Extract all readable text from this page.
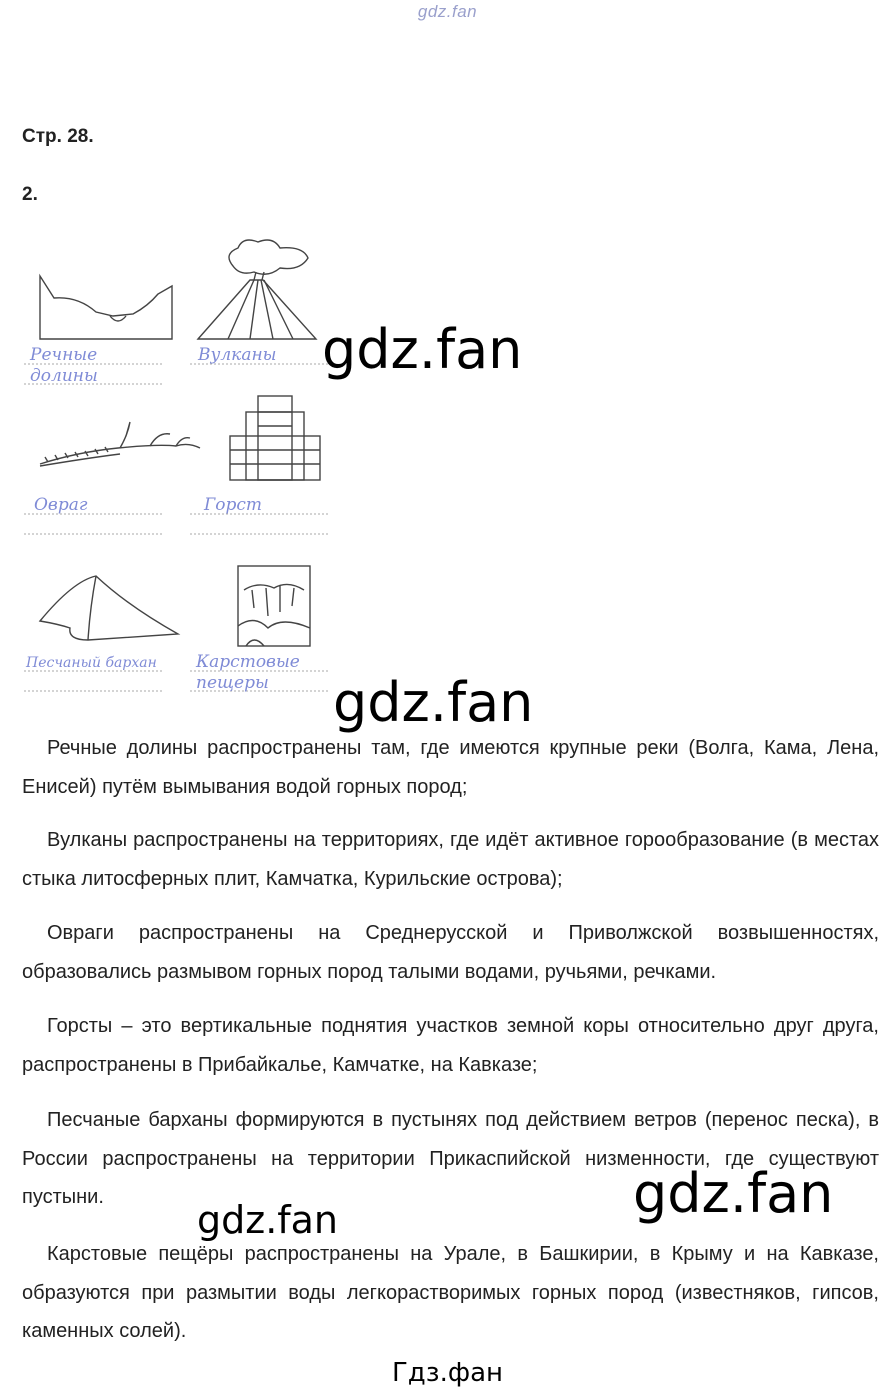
gdz.fan
Стр. 28.
2.
Речные
долины
Вулканы
Овраг	Горст
Песчаный бархан Карстовые
пещеры
gdz.fan
gdz.fan

Речные долины распространены там, где имеются крупные реки (Волга, Кама, Лена, Енисей) путём вымывания водой горных пород;

Вулканы распространены на территориях, где идёт активное горообразование (в местах стыка литосферных плит, Камчатка, Курильские острова);

Овраги распространены на Среднерусской и Приволжской возвышенностях, образовались размывом горных пород талыми водами, ручьями, речками.

Горсты – это вертикальные поднятия участков земной коры относительно друг друга, распространены в Прибайкалье, Камчатке, на Кавказе;

Песчаные барханы формируются в пустынях под действием ветров (перенос песка), в России распространены на территории Прикаспийской низменности, где существуют пустыни.

Карстовые пещёры распространены на Урале, в Башкирии, в Крыму и на Кавказе, образуются при размытии воды легкорастворимых горных пород (известняков, гипсов, каменных солей).

gdz.fan
gdz.fan
Гдз.фан
